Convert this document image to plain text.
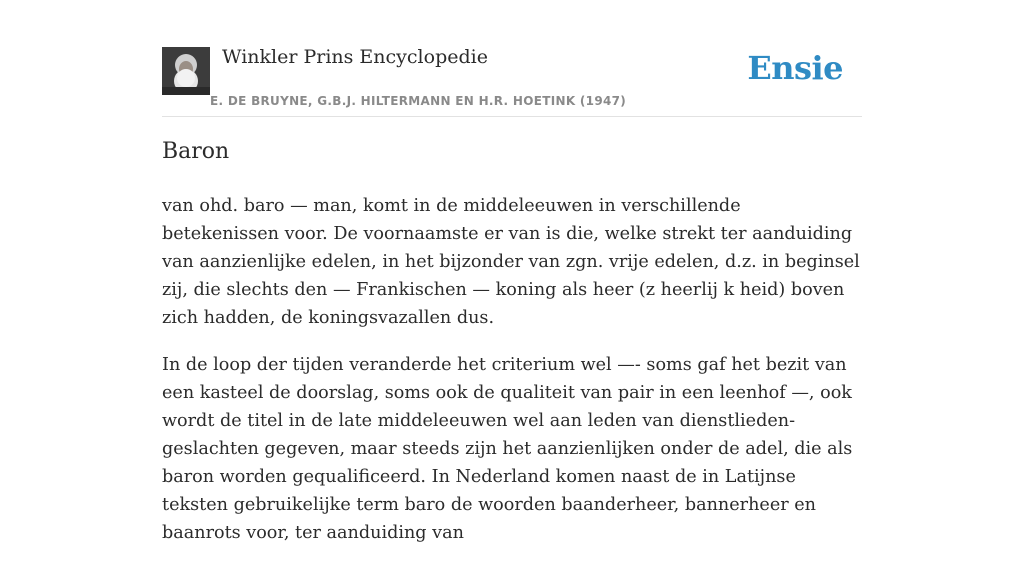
Winkler Prins Encyclopedie
E. DE BRUYNE, G.B.J. HILTERMANN EN H.R. HOETINK (1947)
Ensie
Baron

van ohd. baro — man, komt in de middeleeuwen in verschillende betekenissen voor. De voornaamste er van is die, welke strekt ter aanduiding van aanzienlijke edelen, in het bijzonder van zgn. vrije edelen, d.z. in beginsel zij, die slechts den — Frankischen — koning als heer (z heerlij k heid) boven zich hadden, de koningsvazallen dus.

In de loop der tijden veranderde het criterium wel —- soms gaf het bezit van een kasteel de doorslag, soms ook de qualiteit van pair in een leenhof —, ook wordt de titel in de late middeleeuwen wel aan leden van dienstlieden-geslachten gegeven, maar steeds zijn het aanzienlijken onder de adel, die als baron worden gequalificeerd. In Nederland komen naast de in Latijnse teksten gebruikelijke term baro de woorden baanderheer, bannerheer en baanrots voor, ter aanduiding van
